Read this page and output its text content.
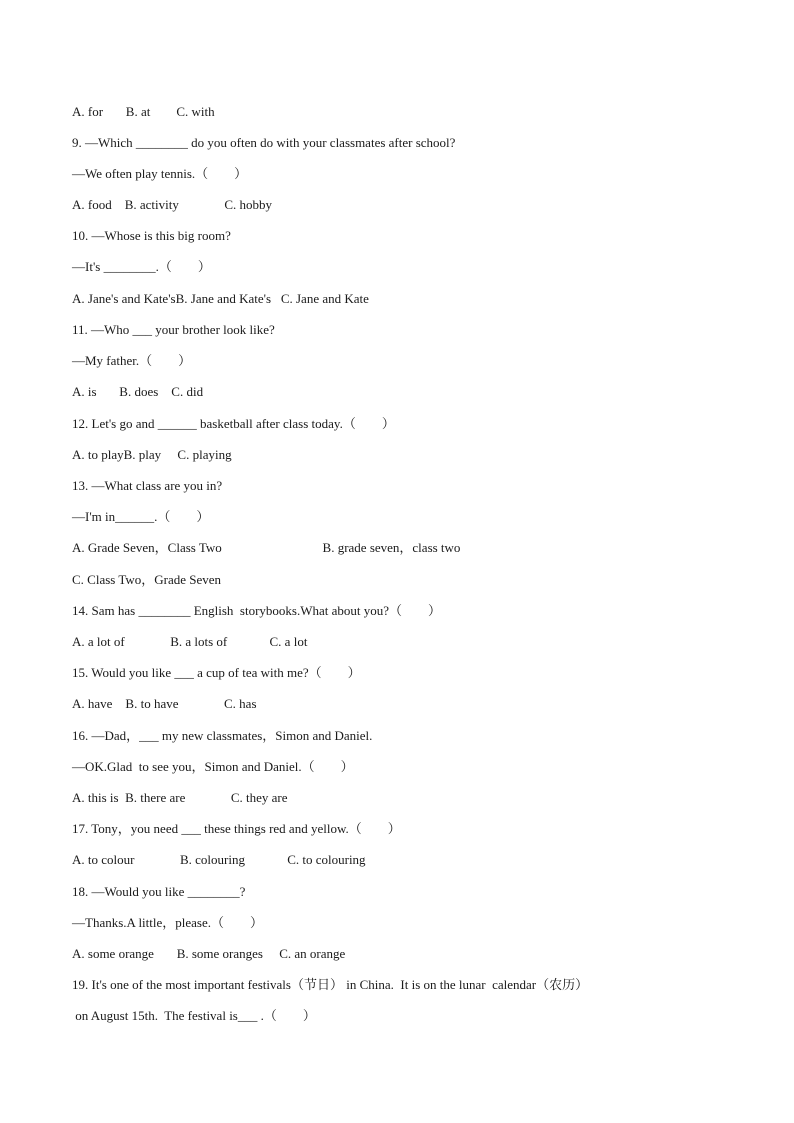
A. for       B. at        C. with
9. —Which ________ do you often do with your classmates after school?
—We often play tennis.（        ）
A. food    B. activity              C. hobby
10. —Whose is this big room?
—It's ________.（        ）
A. Jane's and Kate'sB. Jane and Kate's   C. Jane and Kate
11. —Who ___ your brother look like?
—My father.（        ）
A. is       B. does    C. did
12. Let's go and ______ basketball after class today.（        ）
A. to playB. play     C. playing
13. —What class are you in?
—I'm in______.（        ）
A. Grade Seven，Class Two                               B. grade seven，class two
C. Class Two，Grade Seven
14. Sam has ________ English  storybooks.What about you?（        ）
A. a lot of              B. a lots of             C. a lot
15. Would you like ___ a cup of tea with me?（        ）
A. have    B. to have              C. has
16. —Dad，___ my new classmates，Simon and Daniel.
—OK.Glad  to see you，Simon and Daniel.（        ）
A. this is  B. there are              C. they are
17. Tony，you need ___ these things red and yellow.（        ）
A. to colour              B. colouring             C. to colouring
18. —Would you like ________?
—Thanks.A little，please.（        ）
A. some orange       B. some oranges     C. an orange
19. It's one of the most important festivals（节日） in China.  It is on the lunar  calendar（农历）
on August 15th.  The festival is___ .（        ）
